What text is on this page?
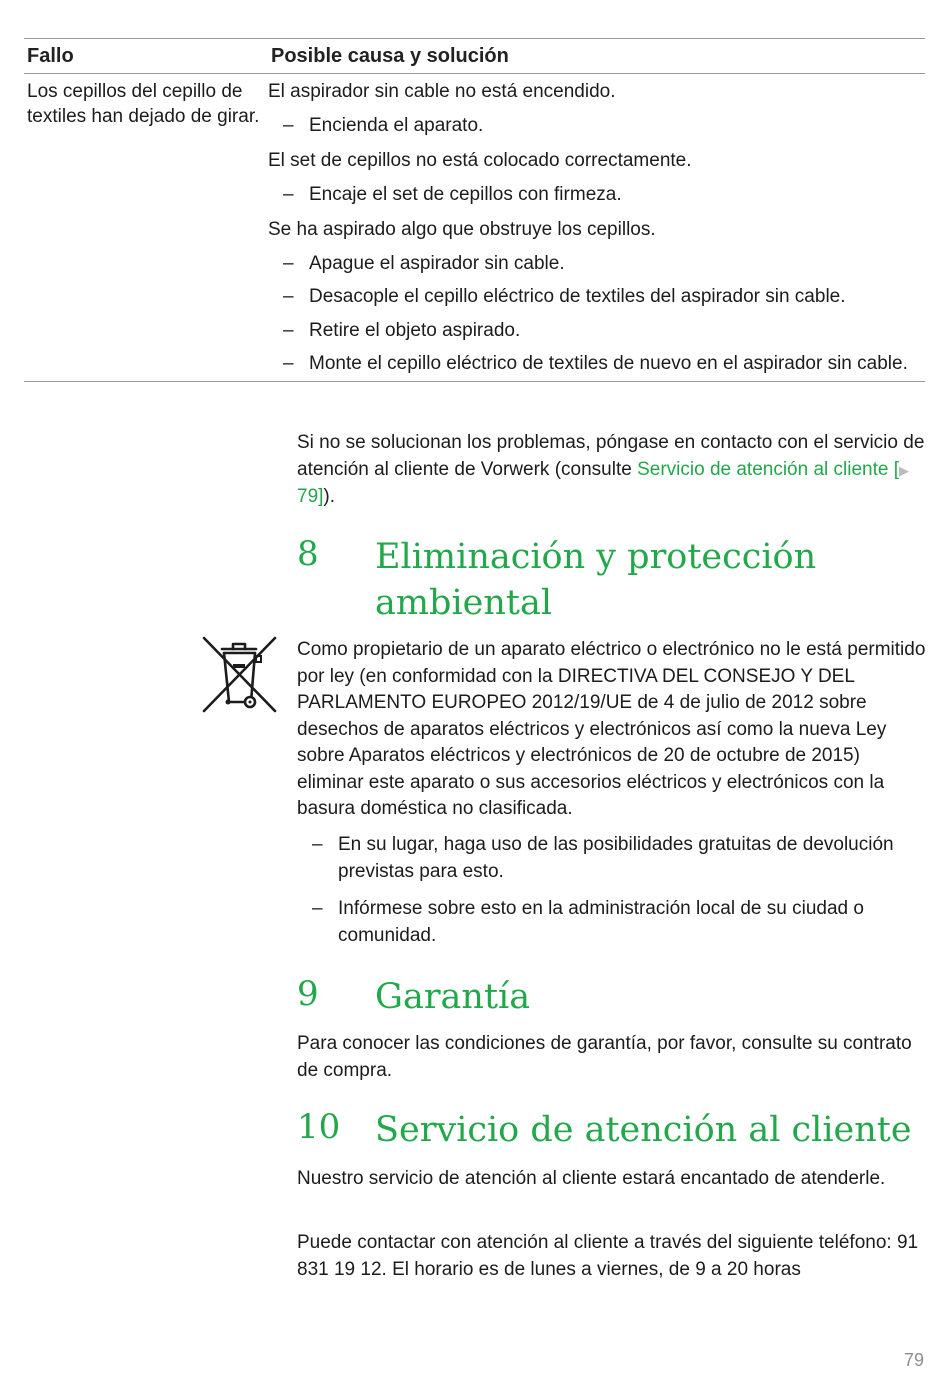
Fallo	Posible causa y solución
Los cepillos del cepillo de textiles han dejado de girar.
El aspirador sin cable no está encendido.
– Encienda el aparato.
El set de cepillos no está colocado correctamente.
– Encaje el set de cepillos con firmeza.
Se ha aspirado algo que obstruye los cepillos.
– Apague el aspirador sin cable.
– Desacople el cepillo eléctrico de textiles del aspirador sin cable.
– Retire el objeto aspirado.
– Monte el cepillo eléctrico de textiles de nuevo en el aspirador sin cable.

Si no se solucionan los problemas, póngase en contacto con el servicio de atención al cliente de Vorwerk (consulte Servicio de atención al cliente [▶ 79]).

8 Eliminación y protección ambiental

Como propietario de un aparato eléctrico o electrónico no le está permitido por ley (en conformidad con la DIRECTIVA DEL CONSEJO Y DEL PARLAMENTO EUROPEO 2012/19/UE de 4 de julio de 2012 sobre desechos de aparatos eléctricos y electrónicos así como la nueva Ley sobre Aparatos eléctricos y electrónicos de 20 de octubre de 2015) eliminar este aparato o sus accesorios eléctricos y electrónicos con la basura doméstica no clasificada.

– En su lugar, haga uso de las posibilidades gratuitas de devolución previstas para esto.
– Infórmese sobre esto en la administración local de su ciudad o comunidad.
9 Garantía

Para conocer las condiciones de garantía, por favor, consulte su contrato de compra.

10 Servicio de atención al cliente

Nuestro servicio de atención al cliente estará encantado de atenderle.

Puede contactar con atención al cliente a través del siguiente teléfono: 91 831 19 12. El horario es de lunes a viernes, de 9 a 20 horas

79
